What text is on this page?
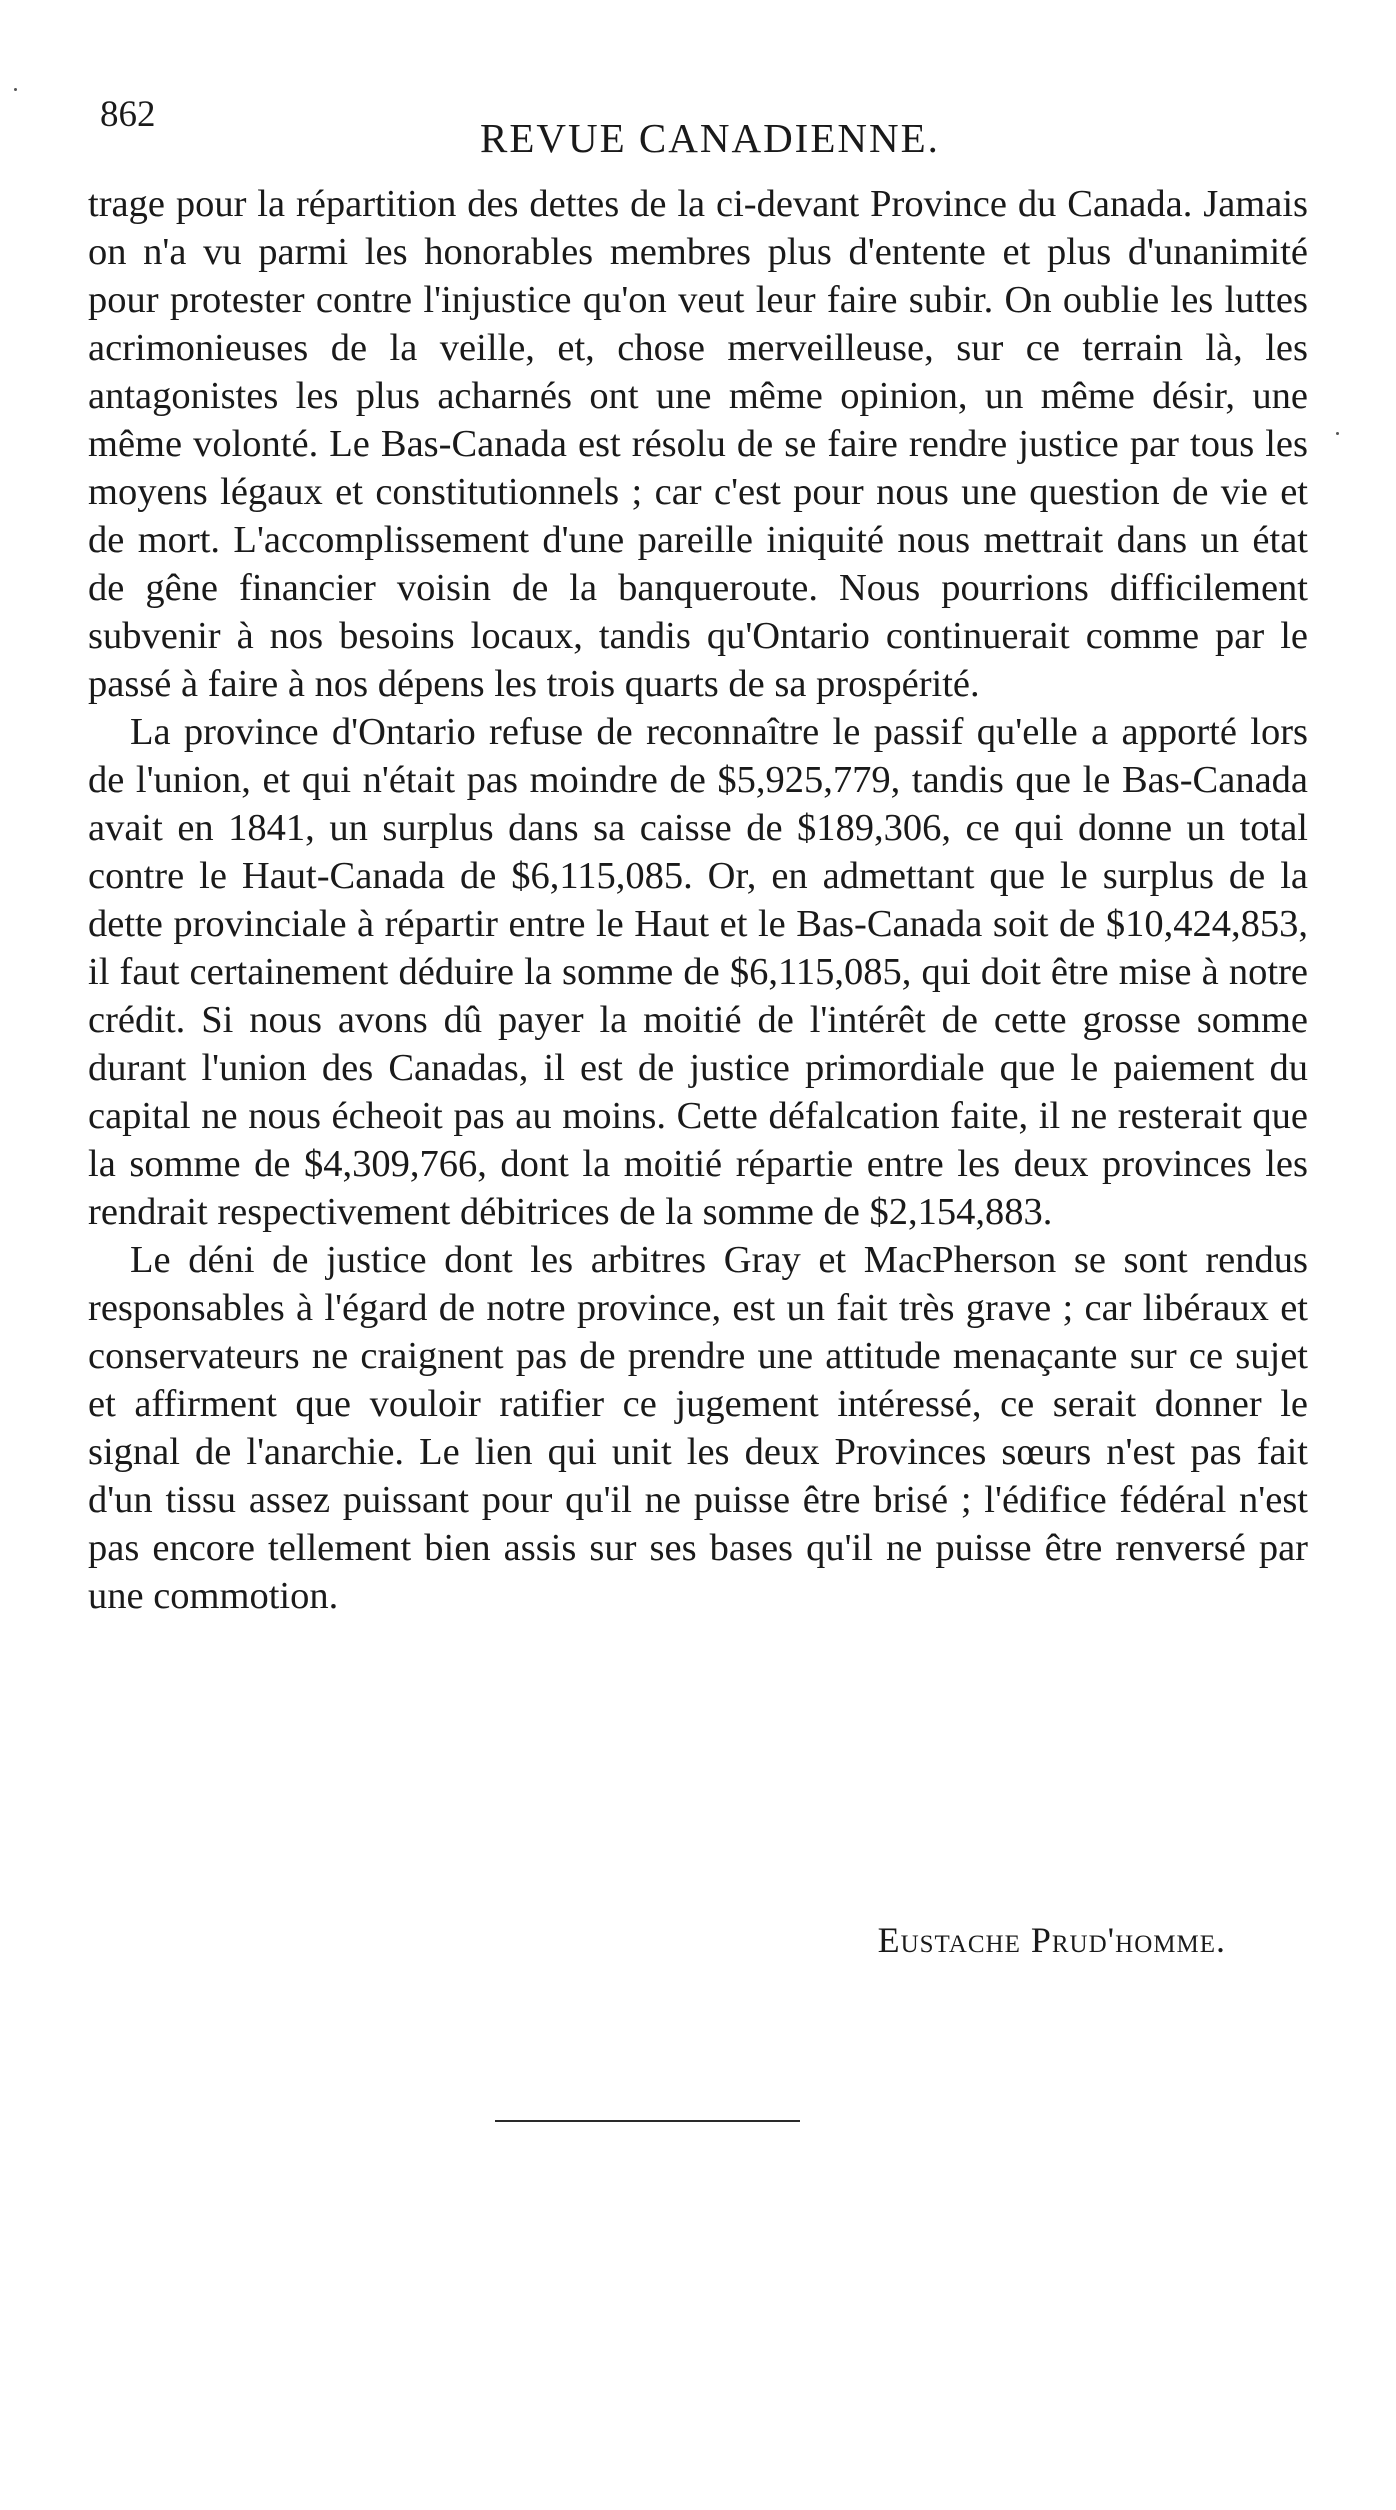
862
REVUE CANADIENNE.

trage pour la répartition des dettes de la ci-devant Province du Canada. Jamais on n'a vu parmi les honorables membres plus d'entente et plus d'unanimité pour protester contre l'injustice qu'on veut leur faire subir. On oublie les luttes acrimonieuses de la veille, et, chose merveilleuse, sur ce terrain là, les antagonistes les plus acharnés ont une même opinion, un même désir, une même volonté. Le Bas-Canada est résolu de se faire rendre justice par tous les moyens légaux et constitutionnels ; car c'est pour nous une question de vie et de mort. L'accomplissement d'une pareille iniquité nous mettrait dans un état de gêne financier voisin de la banqueroute. Nous pourrions difficilement subvenir à nos besoins locaux, tandis qu'Ontario continuerait comme par le passé à faire à nos dépens les trois quarts de sa prospérité.

La province d'Ontario refuse de reconnaître le passif qu'elle a apporté lors de l'union, et qui n'était pas moindre de $5,925,779, tandis que le Bas-Canada avait en 1841, un surplus dans sa caisse de $189,306, ce qui donne un total contre le Haut-Canada de $6,115,085. Or, en admettant que le surplus de la dette provinciale à répartir entre le Haut et le Bas-Canada soit de $10,424,853, il faut certainement déduire la somme de $6,115,085, qui doit être mise à notre crédit. Si nous avons dû payer la moitié de l'intérêt de cette grosse somme durant l'union des Canadas, il est de justice primordiale que le paiement du capital ne nous écheoit pas au moins. Cette défalcation faite, il ne resterait que la somme de $4,309,766, dont la moitié répartie entre les deux provinces les rendrait respectivement débitrices de la somme de $2,154,883.

Le déni de justice dont les arbitres Gray et MacPherson se sont rendus responsables à l'égard de notre province, est un fait très grave ; car libéraux et conservateurs ne craignent pas de prendre une attitude menaçante sur ce sujet et affirment que vouloir ratifier ce jugement intéressé, ce serait donner le signal de l'anarchie. Le lien qui unit les deux Provinces sœurs n'est pas fait d'un tissu assez puissant pour qu'il ne puisse être brisé ; l'édifice fédéral n'est pas encore tellement bien assis sur ses bases qu'il ne puisse être renversé par une commotion.

Eustache Prud'homme.
